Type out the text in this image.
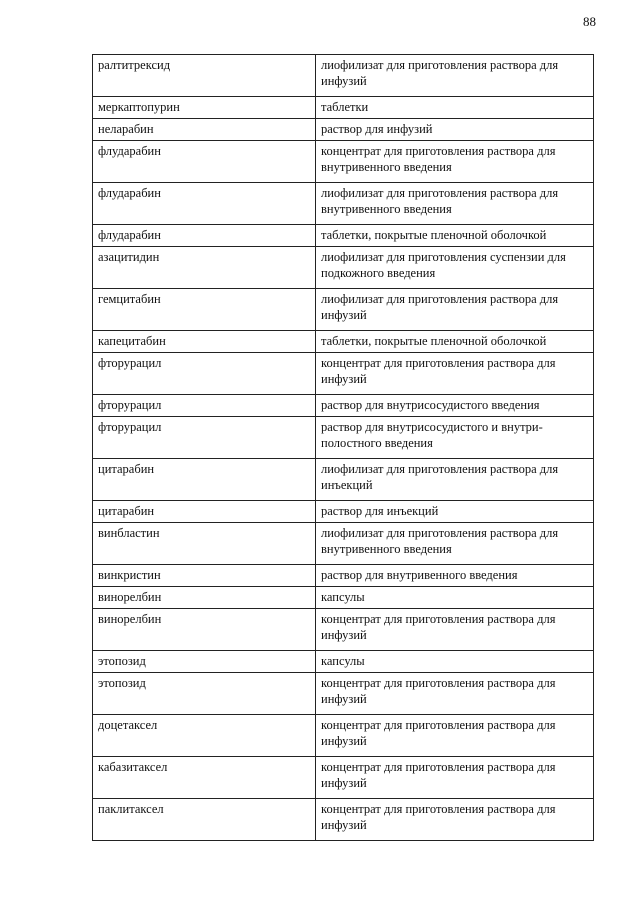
88
ралтитрексид	лиофилизат для приготовления раствора для инфузий
меркаптопурин	таблетки
неларабин	раствор для инфузий
флударабин	концентрат для приготовления раствора для внутривенного введения
флударабин	лиофилизат для приготовления раствора для внутривенного введения
флударабин	таблетки, покрытые пленочной оболочкой
азацитидин	лиофилизат для приготовления суспензии для подкожного введения
гемцитабин	лиофилизат для приготовления раствора для инфузий
капецитабин	таблетки, покрытые пленочной оболочкой
фторурацил	концентрат для приготовления раствора для инфузий
фторурацил	раствор для внутрисосудистого введения
фторурацил	раствор для внутрисосудистого и внутри-полостного введения
цитарабин	лиофилизат для приготовления раствора для инъекций
цитарабин	раствор для инъекций
винбластин	лиофилизат для приготовления раствора для внутривенного введения
винкристин	раствор для внутривенного введения
винорелбин	капсулы
винорелбин	концентрат для приготовления раствора для инфузий
этопозид	капсулы
этопозид	концентрат для приготовления раствора для инфузий
доцетаксел	концентрат для приготовления раствора для инфузий
кабазитаксел	концентрат для приготовления раствора для инфузий
паклитаксел	концентрат для приготовления раствора для инфузий
